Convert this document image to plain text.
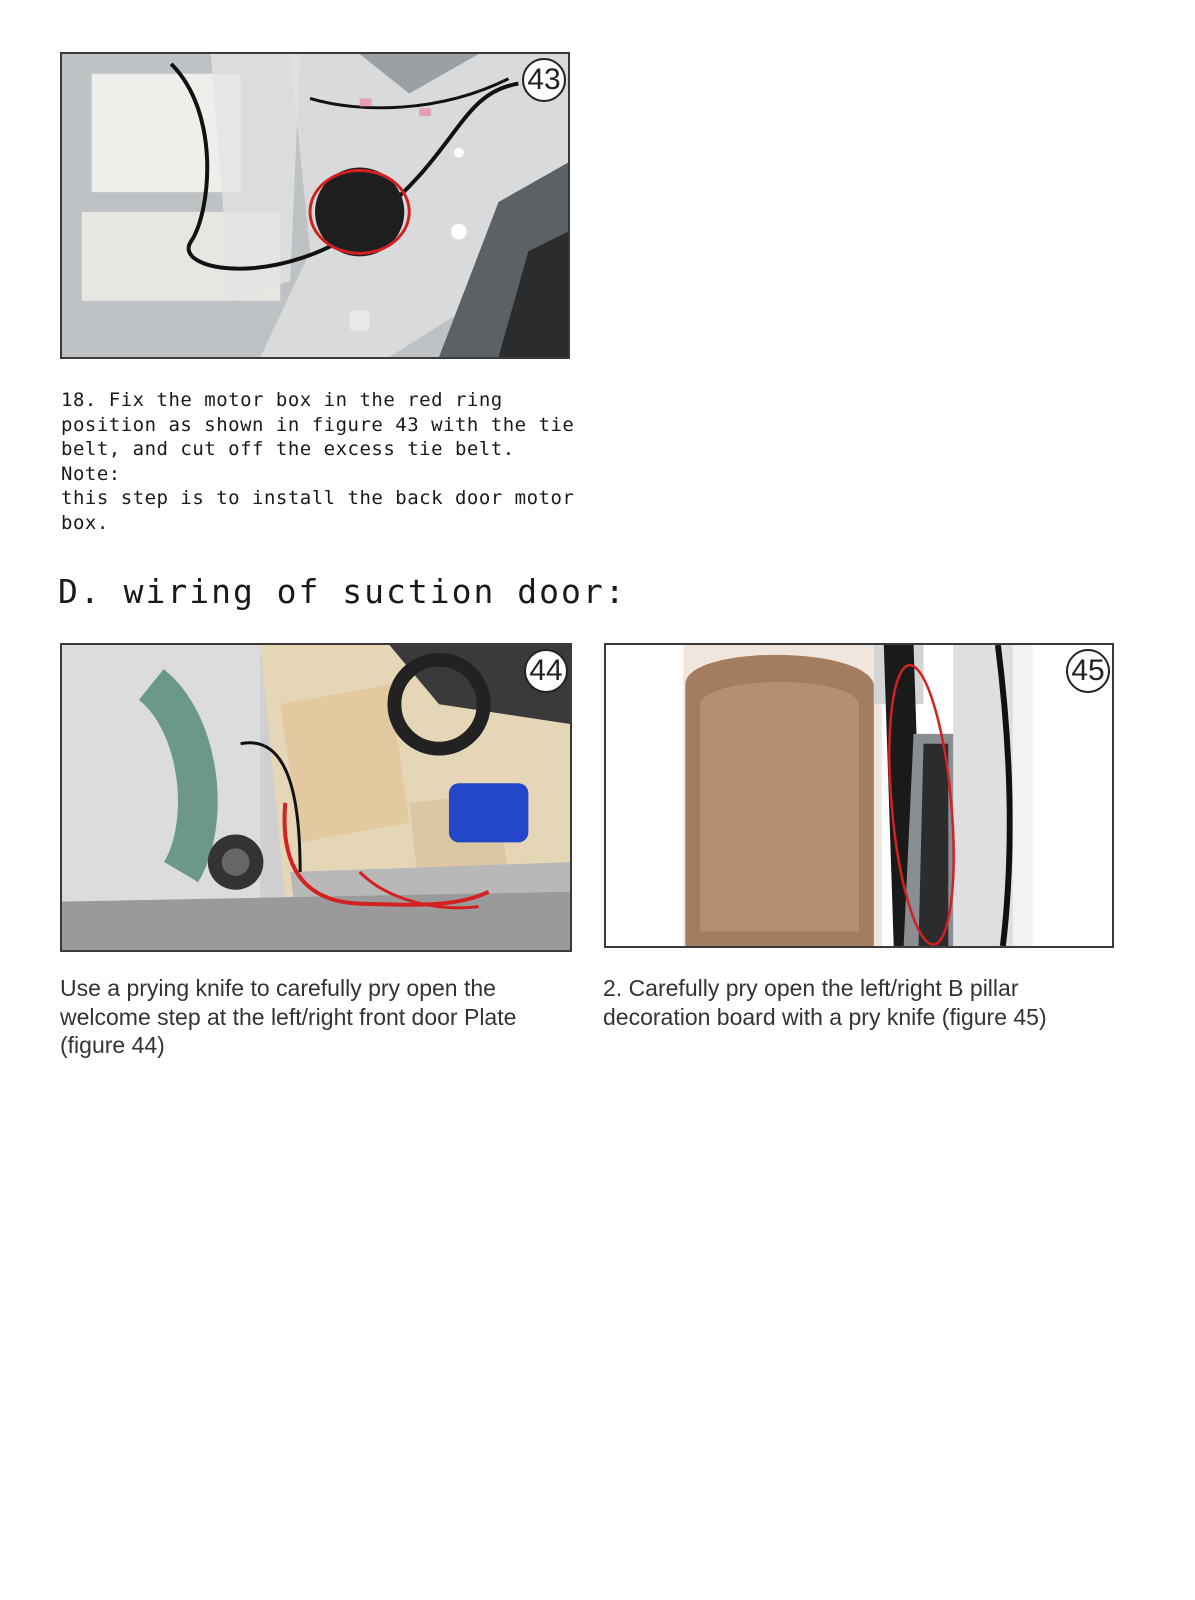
43

18. Fix the motor box in the red ring
position as shown in figure 43 with the tie
belt, and cut off the excess tie belt. Note:
this step is to install the back door motor
box.

D. wiring of suction door:
44	45

Use a prying knife to carefully pry open the
welcome step at the left/right front door Plate
(figure 44)

2. Carefully pry open the left/right B pillar
decoration board with a pry knife (figure 45)
